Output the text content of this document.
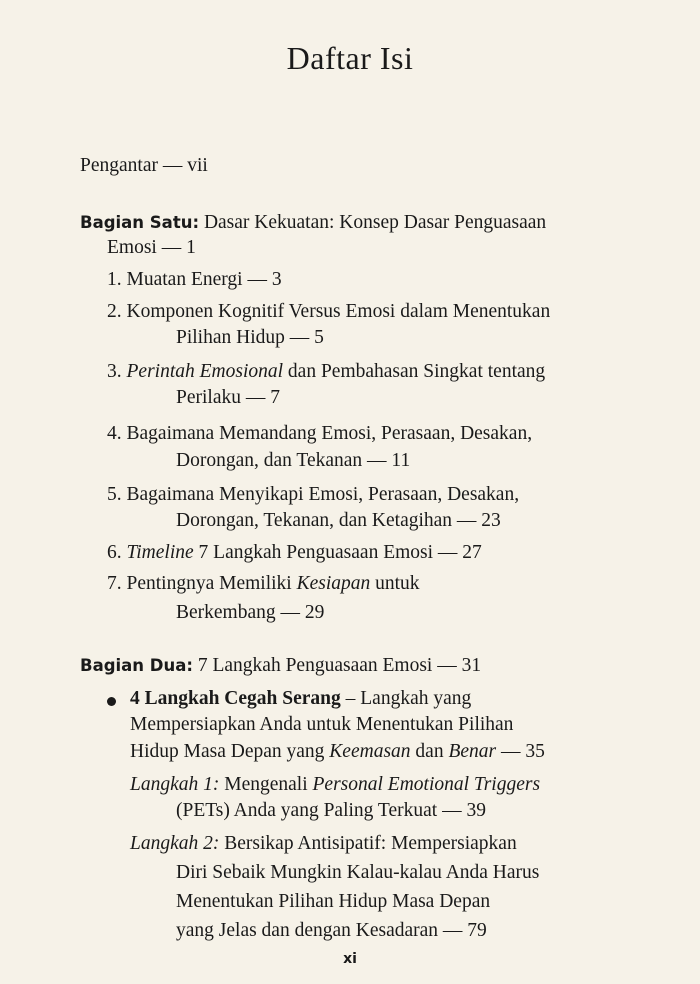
Daftar Isi
Pengantar — vii
Bagian Satu: Dasar Kekuatan: Konsep Dasar Penguasaan
Emosi — 1
1. Muatan Energi — 3
2. Komponen Kognitif Versus Emosi dalam Menentukan
Pilihan Hidup — 5
3. Perintah Emosional dan Pembahasan Singkat tentang
Perilaku — 7
4. Bagaimana Memandang Emosi, Perasaan, Desakan,
Dorongan, dan Tekanan — 11
5. Bagaimana Menyikapi Emosi, Perasaan, Desakan,
Dorongan, Tekanan, dan Ketagihan — 23
6. Timeline 7 Langkah Penguasaan Emosi — 27
7. Pentingnya Memiliki Kesiapan untuk
Berkembang — 29
Bagian Dua: 7 Langkah Penguasaan Emosi — 31
4 Langkah Cegah Serang – Langkah yang
Mempersiapkan Anda untuk Menentukan Pilihan
Hidup Masa Depan yang Keemasan dan Benar — 35
Langkah 1: Mengenali Personal Emotional Triggers
(PETs) Anda yang Paling Terkuat — 39
Langkah 2: Bersikap Antisipatif: Mempersiapkan
Diri Sebaik Mungkin Kalau-kalau Anda Harus
Menentukan Pilihan Hidup Masa Depan
yang Jelas dan dengan Kesadaran — 79
xi
